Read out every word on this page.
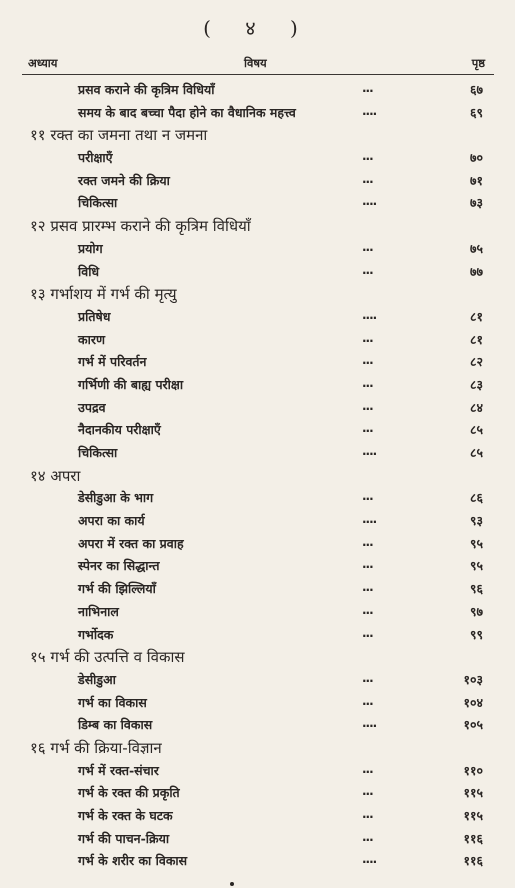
( ४ )
अध्याय	विषय	पृष्ठ
प्रसव कराने की कृत्रिम विधियाँ	...	६७
समय के बाद बच्चा पैदा होने का वैधानिक महत्त्व	....	६९
११ रक्त का जमना तथा न जमना
परीक्षाएँ	...	७०
रक्त जमने की क्रिया	...	७१
चिकित्सा	....	७३
१२ प्रसव प्रारम्भ कराने की कृत्रिम विधियाँ
प्रयोग	...	७५
विधि	...	७७
१३ गर्भाशय में गर्भ की मृत्यु
प्रतिषेध	....	८१
कारण	...	८१
गर्भ में परिवर्तन	...	८२
गर्भिणी की बाह्य परीक्षा	...	८३
उपद्रव	...	८४
नैदानकीय परीक्षाएँ	...	८५
चिकित्सा	....	८५
१४ अपरा
डेसीडुआ के भाग	...	८६
अपरा का कार्य	....	९३
अपरा में रक्त का प्रवाह	...	९५
स्पेनर का सिद्धान्त	...	९५
गर्भ की झिल्लियाँ	...	९६
नाभिनाल	...	९७
गर्भोदक	...	९९
१५ गर्भ की उत्पत्ति व विकास
डेसीडुआ	...	१०३
गर्भ का विकास	...	१०४
डिम्ब का विकास	....	१०५
१६ गर्भ की क्रिया-विज्ञान
गर्भ में रक्त-संचार	...	११०
गर्भ के रक्त की प्रकृति	...	११५
गर्भ के रक्त के घटक	...	११५
गर्भ की पाचन-क्रिया	...	११६
गर्भ के शरीर का विकास	....	११६
